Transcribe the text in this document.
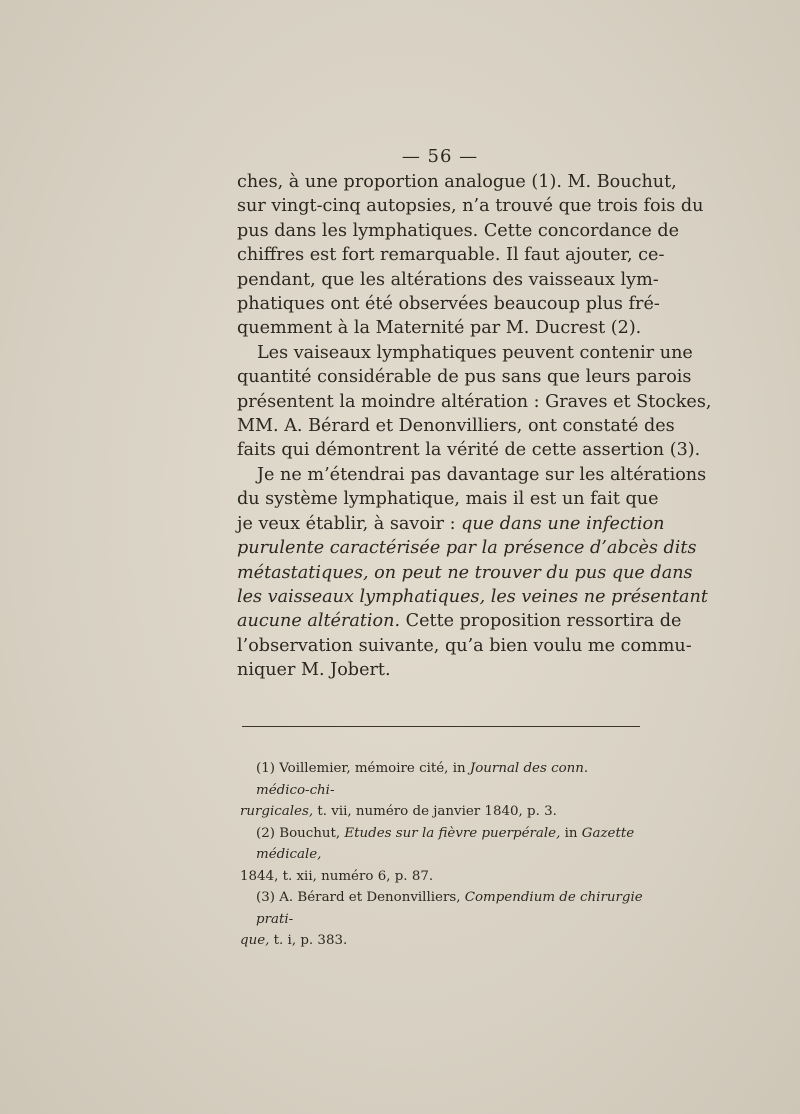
— 56 —
ches, à une proportion analogue (1). M. Bouchut,
sur vingt-cinq autopsies, n’a trouvé que trois fois du
pus dans les lymphatiques. Cette concordance de
chiffres est fort remarquable. Il faut ajouter, ce-
pendant, que les altérations des vaisseaux lym-
phatiques ont été observées beaucoup plus fré-
quemment à la Maternité par M. Ducrest (2).
Les vaiseaux lymphatiques peuvent contenir une
quantité considérable de pus sans que leurs parois
présentent la moindre altération : Graves et Stockes,
MM. A. Bérard et Denonvilliers, ont constaté des
faits qui démontrent la vérité de cette assertion (3).
Je ne m’étendrai pas davantage sur les altérations
du système lymphatique, mais il est un fait que
je veux établir, à savoir : que dans une infection
purulente caractérisée par la présence d’abcès dits
métastatiques, on peut ne trouver du pus que dans
les vaisseaux lymphatiques, les veines ne présentant
aucune altération. Cette proposition ressortira de
l’observation suivante, qu’a bien voulu me commu-
niquer M. Jobert.
(1) Voillemier, mémoire cité, in Journal des conn. médico-chi-
rurgicales, t. vii, numéro de janvier 1840, p. 3.
(2) Bouchut, Etudes sur la fièvre puerpérale, in Gazette médicale,
1844, t. xii, numéro 6, p. 87.
(3) A. Bérard et Denonvilliers, Compendium de chirurgie prati-
que, t. i, p. 383.
